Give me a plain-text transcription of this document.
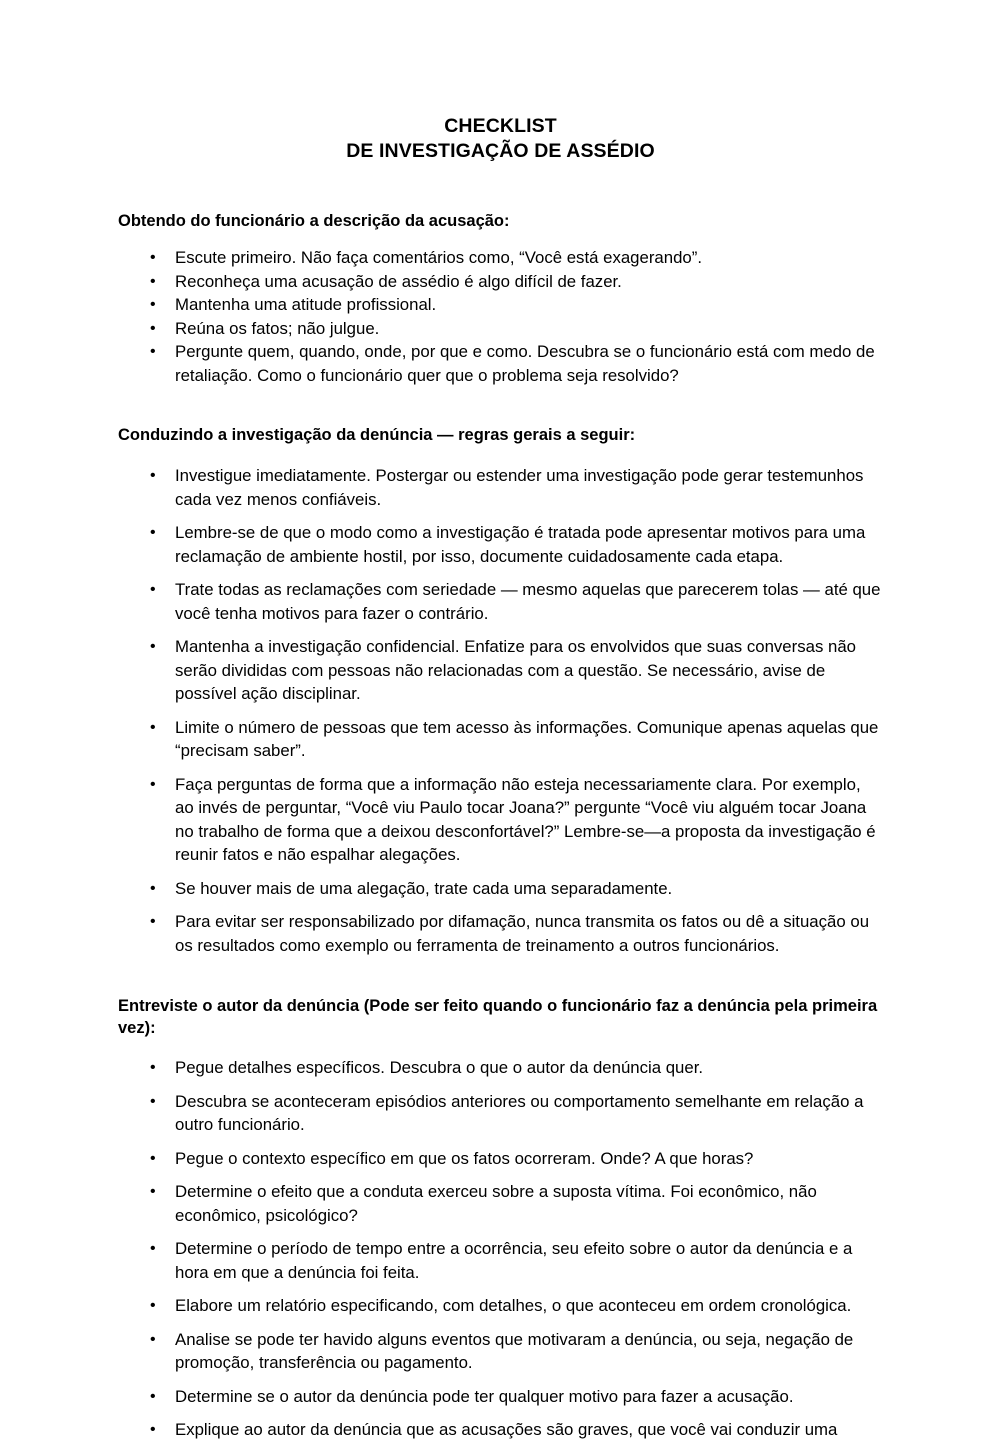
CHECKLIST
DE INVESTIGAÇÃO DE ASSÉDIO
Obtendo do funcionário a descrição da acusação:
• Escute primeiro. Não faça comentários como, “Você está exagerando”.
• Reconheça uma acusação de assédio é algo difícil de fazer.
• Mantenha uma atitude profissional.
• Reúna os fatos; não julgue.
• Pergunte quem, quando, onde, por que e como. Descubra se o funcionário está com medo de retaliação. Como o funcionário quer que o problema seja resolvido?
Conduzindo a investigação da denúncia — regras gerais a seguir:
• Investigue imediatamente. Postergar ou estender uma investigação pode gerar testemunhos cada vez menos confiáveis.
• Lembre-se de que o modo como a investigação é tratada pode apresentar motivos para uma reclamação de ambiente hostil, por isso, documente cuidadosamente cada etapa.
• Trate todas as reclamações com seriedade — mesmo aquelas que parecerem tolas — até que você tenha motivos para fazer o contrário.
• Mantenha a investigação confidencial. Enfatize para os envolvidos que suas conversas não serão divididas com pessoas não relacionadas com a questão. Se necessário, avise de possível ação disciplinar.
• Limite o número de pessoas que tem acesso às informações. Comunique apenas aquelas que “precisam saber”.
• Faça perguntas de forma que a informação não esteja necessariamente clara. Por exemplo, ao invés de perguntar, “Você viu Paulo tocar Joana?” pergunte “Você viu alguém tocar Joana no trabalho de forma que a deixou desconfortável?” Lembre-se—a proposta da investigação é reunir fatos e não espalhar alegações.
• Se houver mais de uma alegação, trate cada uma separadamente.
• Para evitar ser responsabilizado por difamação, nunca transmita os fatos ou dê a situação ou os resultados como exemplo ou ferramenta de treinamento a outros funcionários.
Entreviste o autor da denúncia (Pode ser feito quando o funcionário faz a denúncia pela primeira vez):
• Pegue detalhes específicos. Descubra o que o autor da denúncia quer.
• Descubra se aconteceram episódios anteriores ou comportamento semelhante em relação a outro funcionário.
• Pegue o contexto específico em que os fatos ocorreram. Onde? A que horas?
• Determine o efeito que a conduta exerceu sobre a suposta vítima. Foi econômico, não econômico, psicológico?
• Determine o período de tempo entre a ocorrência, seu efeito sobre o autor da denúncia e a hora em que a denúncia foi feita.
• Elabore um relatório especificando, com detalhes, o que aconteceu em ordem cronológica.
• Analise se pode ter havido alguns eventos que motivaram a denúncia, ou seja, negação de promoção, transferência ou pagamento.
• Determine se o autor da denúncia pode ter qualquer motivo para fazer a acusação.
• Explique ao autor da denúncia que as acusações são graves, que você vai conduzir uma
